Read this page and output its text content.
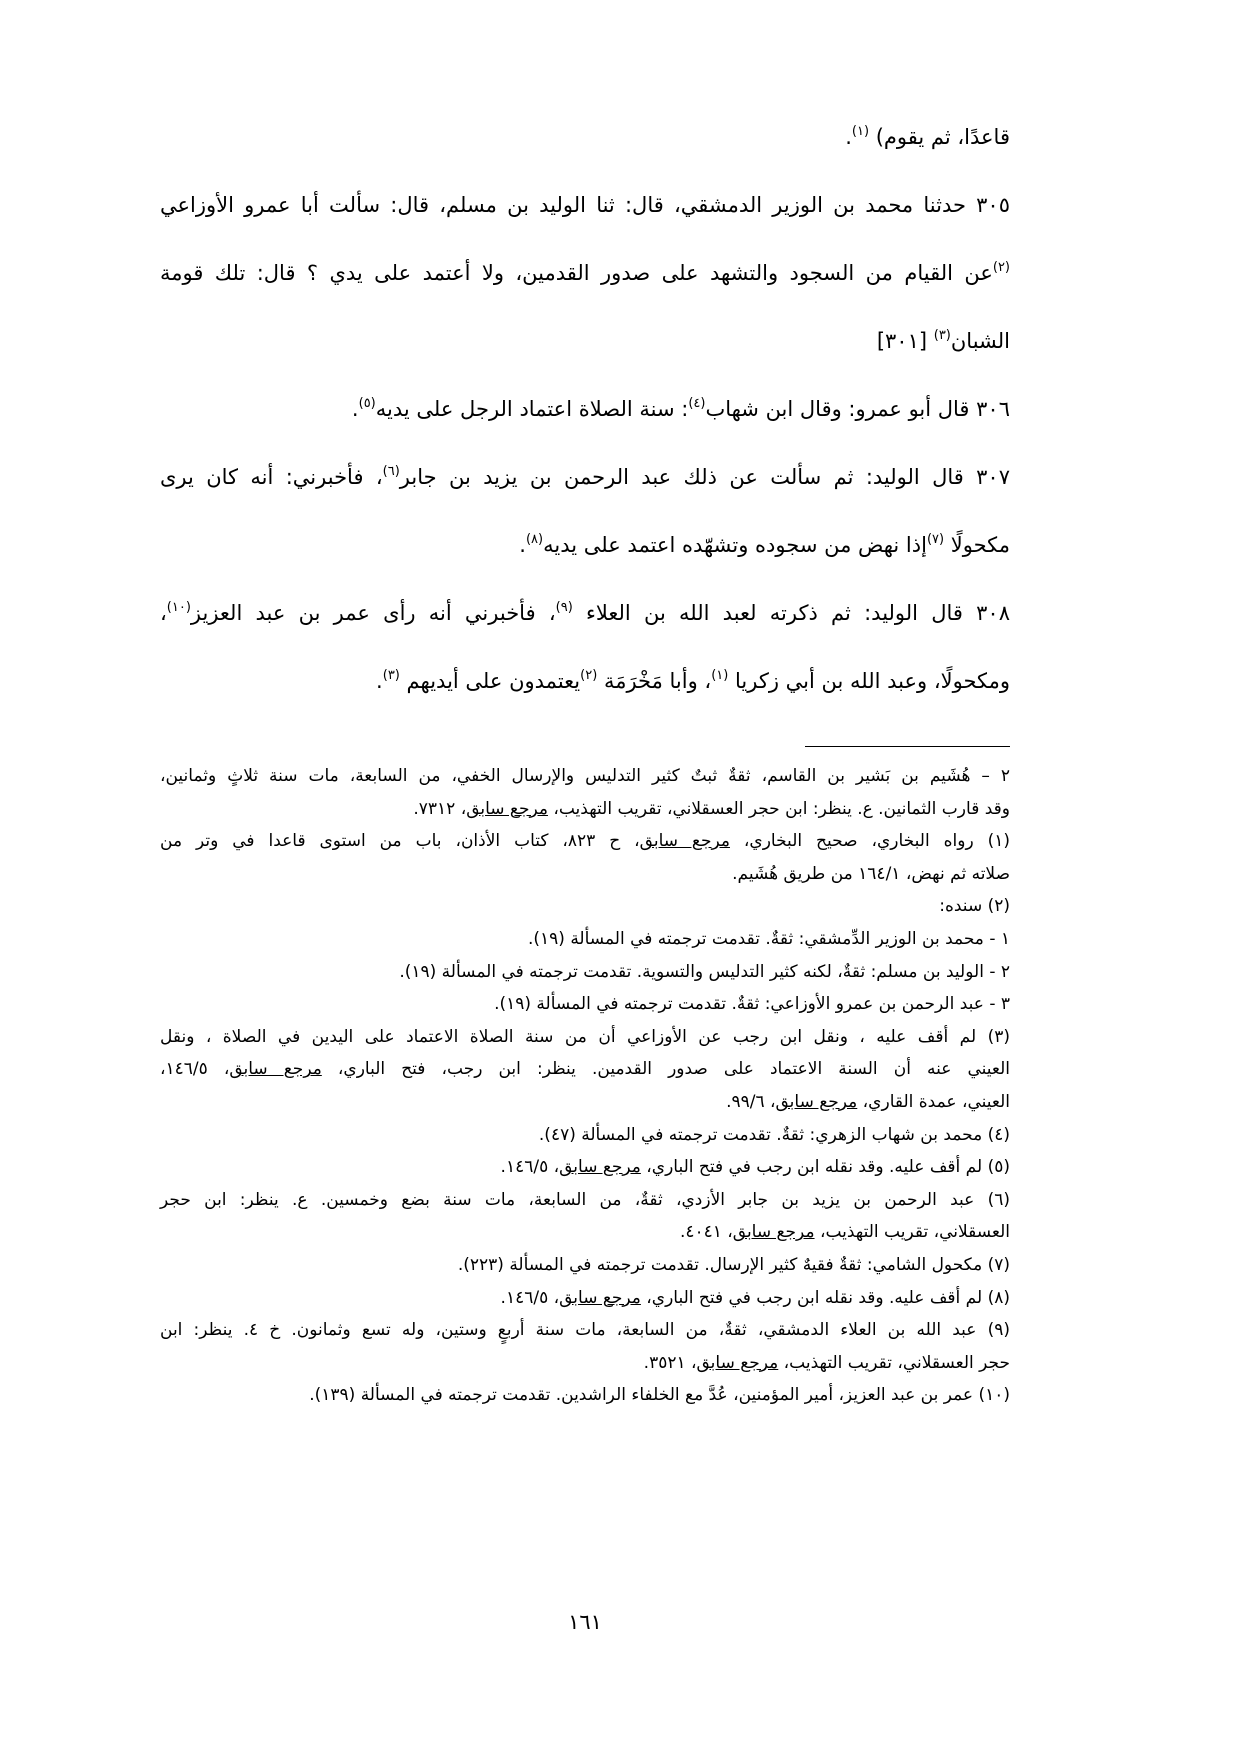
قاعدًا، ثم يقوم) $^{(١)}$.

٣٠٥ حدثنا محمد بن الوزير الدمشقي، قال: ثنا الوليد بن مسلم، قال: سألت أبا عمرو الأوزاعي

$^{(٢)}$عن القيام من السجود والتشهد على صدور القدمين، ولا أعتمد على يدي ؟ قال: تلك قومة

الشبان$^{(٣)}$ [٣٠١]

٣٠٦ قال أبو عمرو: وقال ابن شهاب$^{(٤)}$: سنة الصلاة اعتماد الرجل على يديه$^{(٥)}$.

٣٠٧ قال الوليد: ثم سألت عن ذلك عبد الرحمن بن يزيد بن جابر$^{(٦)}$، فأخبرني: أنه كان يرى

مكحولًا $^{(٧)}$إذا نهض من سجوده وتشهّده اعتمد على يديه$^{(٨)}$.

٣٠٨ قال الوليد: ثم ذكرته لعبد الله بن العلاء $^{(٩)}$، فأخبرني أنه رأى عمر بن عبد العزيز$^{(١٠)}$،

ومكحولًا، وعبد الله بن أبي زكريا $^{(١)}$، وأبا مَخْرَمَة $^{(٢)}$يعتمدون على أيديهم $^{(٣)}$.

٢ – هُشَيم بن بَشير بن القاسم، ثقةٌ ثبتٌ كثير التدليس والإرسال الخفي، من السابعة، مات سنة ثلاثٍ وثمانين،
وقد قارب الثمانين. ع. ينظر: ابن حجر العسقلاني، تقريب التهذيب، مرجع سابق، ٧٣١٢.
(١) رواه البخاري، صحيح البخاري، مرجع سابق، ح ٨٢٣، كتاب الأذان، باب من استوى قاعدا في وتر من
صلاته ثم نهض، ١٦٤/١ من طريق هُشَيم.
(٢) سنده:
١ - محمد بن الوزير الدِّمشقي: ثقةٌ. تقدمت ترجمته في المسألة (١٩).
٢ - الوليد بن مسلم: ثقةٌ، لكنه كثير التدليس والتسوية. تقدمت ترجمته في المسألة (١٩).
٣ - عبد الرحمن بن عمرو الأوزاعي: ثقةٌ. تقدمت ترجمته في المسألة (١٩).
(٣) لم أقف عليه ، ونقل ابن رجب عن الأوزاعي أن من سنة الصلاة الاعتماد على اليدين في الصلاة ، ونقل
العيني عنه أن السنة الاعتماد على صدور القدمين. ينظر: ابن رجب، فتح الباري، مرجع سابق، ١٤٦/٥،
العيني، عمدة القاري، مرجع سابق، ٩٩/٦.
(٤) محمد بن شهاب الزهري: ثقةٌ. تقدمت ترجمته في المسألة (٤٧).
(٥) لم أقف عليه. وقد نقله ابن رجب في فتح الباري، مرجع سابق، ١٤٦/٥.
(٦) عبد الرحمن بن يزيد بن جابر الأزدي، ثقةٌ، من السابعة، مات سنة بضع وخمسين. ع. ينظر: ابن حجر
العسقلاني، تقريب التهذيب، مرجع سابق، ٤٠٤١.
(٧) مكحول الشامي: ثقةٌ فقيهٌ كثير الإرسال. تقدمت ترجمته في المسألة (٢٢٣).
(٨) لم أقف عليه. وقد نقله ابن رجب في فتح الباري، مرجع سابق، ١٤٦/٥.
(٩) عبد الله بن العلاء الدمشقي، ثقةٌ، من السابعة، مات سنة أربعٍ وستين، وله تسع وثمانون. خ ٤. ينظر: ابن
حجر العسقلاني، تقريب التهذيب، مرجع سابق، ٣٥٢١.
(١٠) عمر بن عبد العزيز، أمير المؤمنين، عُدَّ مع الخلفاء الراشدين. تقدمت ترجمته في المسألة (١٣٩).
١٦١
